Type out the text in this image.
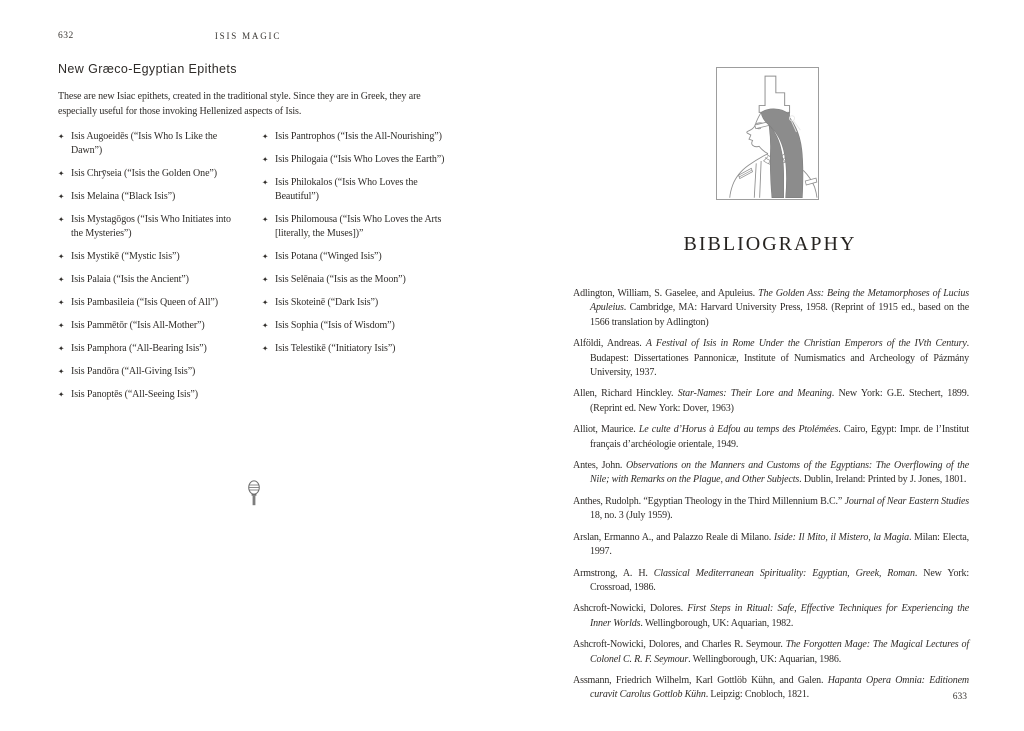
632	ISIS MAGIC
New Græco-Egyptian Epithets

These are new Isiac epithets, created in the traditional style. Since they are in Greek, they are especially useful for those invoking Hellenized aspects of Isis.

✦ Isis Augoeidēs (“Isis Who Is Like the Dawn”)
✦ Isis Chrȳseia (“Isis the Golden One”)
✦ Isis Melaina (“Black Isis”)
✦ Isis Mystagōgos (“Isis Who Initiates into the Mysteries”)
✦ Isis Mystikē (“Mystic Isis”)
✦ Isis Palaia (“Isis the Ancient”)
✦ Isis Pambasileia (“Isis Queen of All”)
✦ Isis Pammētōr (“Isis All-Mother”)
✦ Isis Pamphora (“All-Bearing Isis”)
✦ Isis Pandōra (“All-Giving Isis”)
✦ Isis Panoptēs (“All-Seeing Isis”)
✦ Isis Pantrophos (“Isis the All-Nourishing”)
✦ Isis Philogaia (“Isis Who Loves the Earth”)
✦ Isis Philokalos (“Isis Who Loves the Beautiful”)
✦ Isis Philomousa (“Isis Who Loves the Arts [literally, the Muses])”
✦ Isis Potana (“Winged Isis”)
✦ Isis Selēnaia (“Isis as the Moon”)
✦ Isis Skoteinē (“Dark Isis”)
✦ Isis Sophia (“Isis of Wisdom”)
✦ Isis Telestikē (“Initiatory Isis”)
BIBLIOGRAPHY

Adlington, William, S. Gaselee, and Apuleius. The Golden Ass: Being the Metamorphoses of Lucius Apuleius. Cambridge, MA: Harvard University Press, 1958. (Reprint of 1915 ed., based on the 1566 translation by Adlington)

Alföldi, Andreas. A Festival of Isis in Rome Under the Christian Emperors of the IVth Century. Budapest: Dissertationes Pannonicæ, Institute of Numismatics and Archeology of Pázmány University, 1937.

Allen, Richard Hinckley. Star-Names: Their Lore and Meaning. New York: G.E. Stechert, 1899. (Reprint ed. New York: Dover, 1963)

Alliot, Maurice. Le culte d’Horus à Edfou au temps des Ptolémées. Cairo, Egypt: Impr. de l’Institut français d’archéologie orientale, 1949.

Antes, John. Observations on the Manners and Customs of the Egyptians: The Overflowing of the Nile; with Remarks on the Plague, and Other Subjects. Dublin, Ireland: Printed by J. Jones, 1801.

Anthes, Rudolph. “Egyptian Theology in the Third Millennium B.C.” Journal of Near Eastern Studies 18, no. 3 (July 1959).

Arslan, Ermanno A., and Palazzo Reale di Milano. Iside: Il Mito, il Mistero, la Magia. Milan: Electa, 1997.

Armstrong, A. H. Classical Mediterranean Spirituality: Egyptian, Greek, Roman. New York: Crossroad, 1986.

Ashcroft-Nowicki, Dolores. First Steps in Ritual: Safe, Effective Techniques for Experiencing the Inner Worlds. Wellingborough, UK: Aquarian, 1982.

Ashcroft-Nowicki, Dolores, and Charles R. Seymour. The Forgotten Mage: The Magical Lectures of Colonel C. R. F. Seymour. Wellingborough, UK: Aquarian, 1986.

Assmann, Friedrich Wilhelm, Karl Gottlöb Kühn, and Galen. Hapanta Opera Omnia: Editionem curavit Carolus Gottlob Kühn. Leipzig: Cnobloch, 1821.	633
